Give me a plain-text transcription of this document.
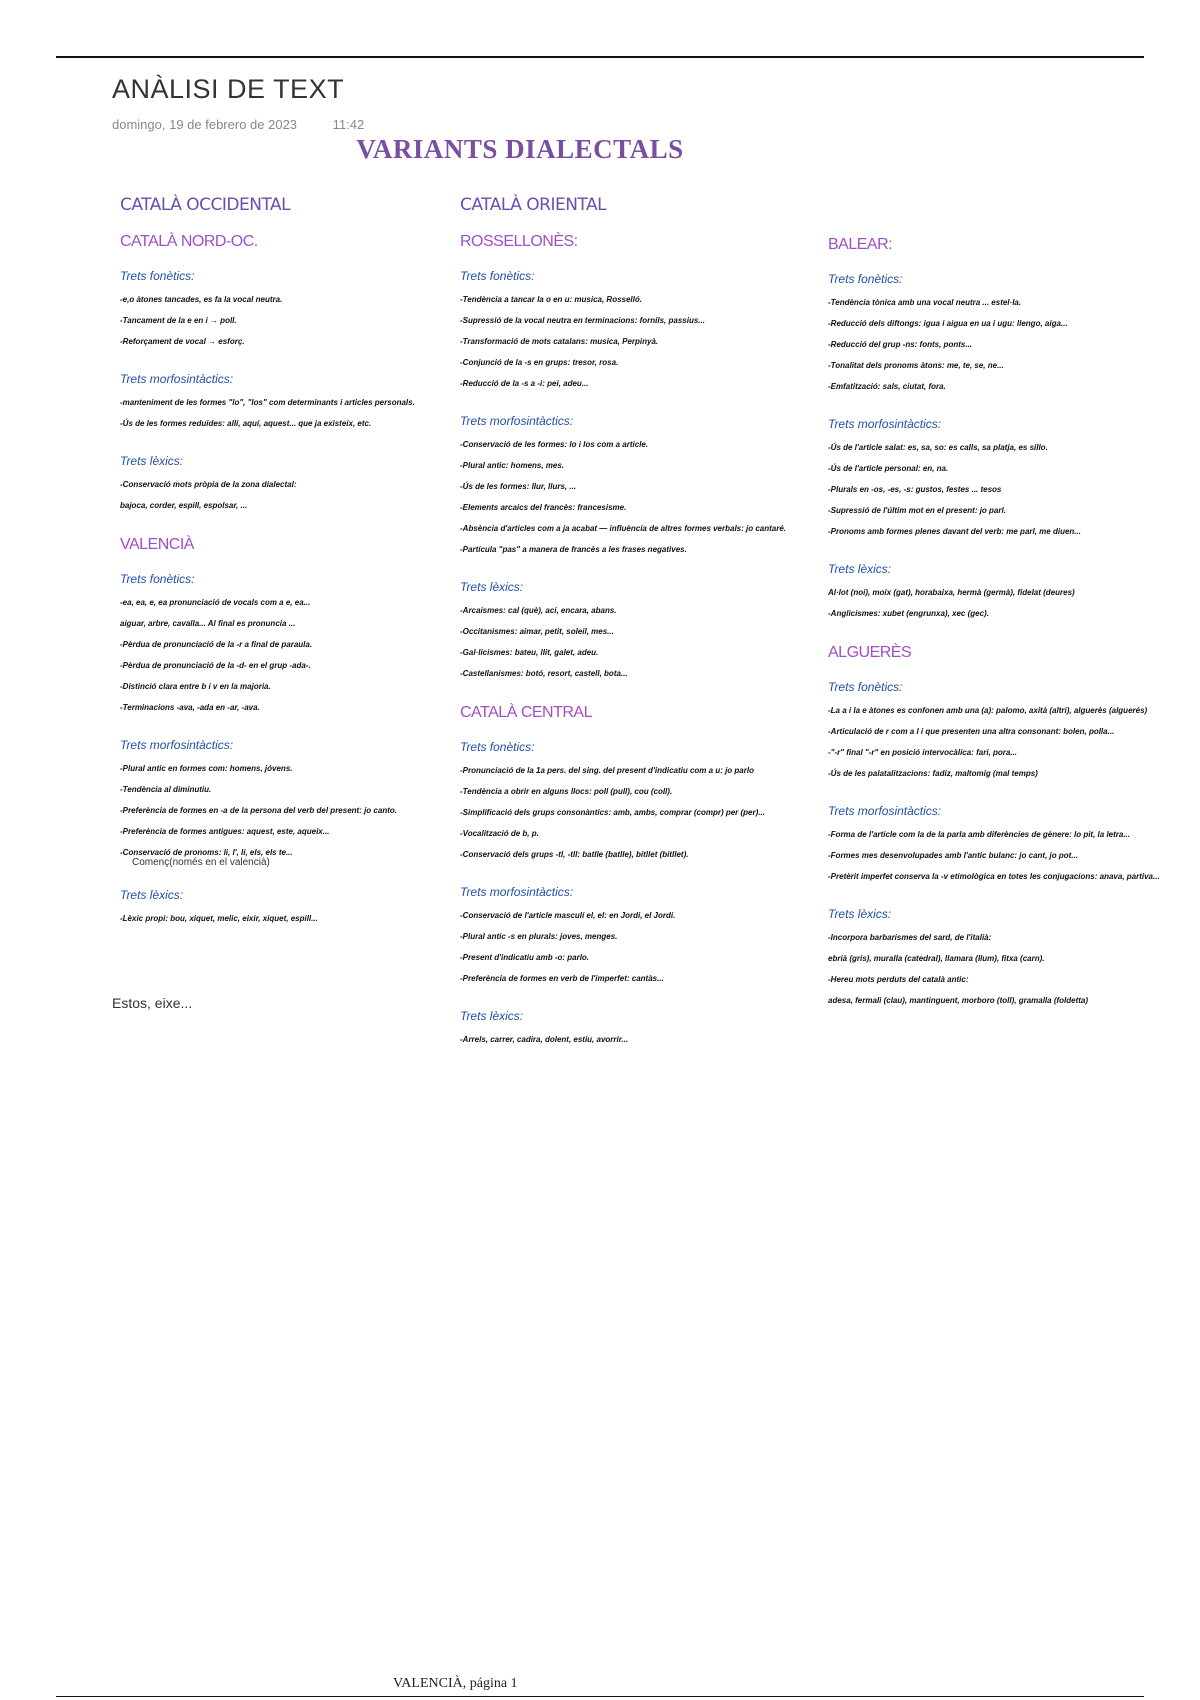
ANÀLISI DE TEXT
domingo, 19 de febrero de 2023	11:42
VARIANTS DIALECTALS
CATALÀ OCCIDENTAL
CATALÀ NORD-OC.
Trets fonètics:
-e,o àtones tancades, es fa la vocal neutra.
-Tancament de la e en i → poll.
-Reforçament de vocal → esforç.
Trets morfosintàctics:
-manteniment de les formes "lo", "los" com determinants i articles personals.
-Ús de les formes reduïdes: allí, aquí, aquest... que ja existeix, etc.
Trets lèxics:
-Conservació mots pròpia de la zona dialectal:
bajoca, corder, espill, espolsar, ...
VALENCIÀ
Trets fonètics:
-ea, ea, e, ea pronunciació de vocals com a e, ea...
aiguar, arbre, cavalla... Al final es pronuncia ...
-Pèrdua de pronunciació de la -r a final de paraula.
-Pèrdua de pronunciació de la -d- en el grup -ada-.
-Distinció clara entre b i v en la majoria.
-Terminacions -ava, -ada en -ar, -ava.
Trets morfosintàctics:
-Plural antic en formes com: homens, jóvens.
-Tendència al diminutiu.
-Preferència de formes en -a de la persona del verb del present: jo canto.
-Preferència de formes antigues: aquest, este, aqueix...
-Conservació de pronoms: li, l', li, els, els te...
Començ(només en el valencià)
Trets lèxics:
-Lèxic propi: bou, xiquet, melic, eixir, xiquet, espill...
CATALÀ ORIENTAL
ROSSELLONÈS:
Trets fonètics:
-Tendència a tancar la o en u: musica, Rosselló.
-Supressió de la vocal neutra en terminacions: fornils, passius...
-Transformació de mots catalans: musica, Perpinyà.
-Conjunció de la -s en grups: tresor, rosa.
-Reducció de la -s a -i: pei, adeu...
Trets morfosintàctics:
-Conservació de les formes: lo i los com a article.
-Plural antic: homens, mes.
-Ús de les formes: llur, llurs, ...
-Elements arcaics del francès: francesisme.
-Absència d'articles com a ja acabat — influència de altres formes verbals: jo cantaré.
-Partícula "pas" a manera de francès a les frases negatives.
Trets lèxics:
-Arcaismes: cal (què), ací, encara, abans.
-Occitanismes: aimar, petit, soleil, mes...
-Gal·licismes: bateu, llit, galet, adeu.
-Castellanismes: botó, resort, castell, bota...
CATALÀ CENTRAL
Trets fonètics:
-Pronunciació de la 1a pers. del sing. del present d'indicatiu com a u: jo parlo
-Tendència a obrir en alguns llocs: poll (pull), cou (coll).
-Simplificació dels grups consonàntics: amb, ambs, comprar (compr) per (per)...
-Vocalització de b, p.
-Conservació dels grups -tl, -tll: batlle (batlle), bitllet (bitllet).
Trets morfosintàctics:
-Conservació de l'article masculí el, el: en Jordi, el Jordi.
-Plural antic -s en plurals: joves, menges.
-Present d'indicatiu amb -o: parlo.
-Preferència de formes en verb de l'imperfet: cantàs...
Trets lèxics:
-Arrels, carrer, cadira, dolent, estiu, avorrir...
BALEAR:
Trets fonètics:
-Tendència tònica amb una vocal neutra ... estel·la.
-Reducció dels diftongs: igua i aigua en ua i ugu: llengo, aiga...
-Reducció del grup -ns: fonts, ponts...
-Tonalitat dels pronoms àtons: me, te, se, ne...
-Emfatització: sals, ciutat, fora.
Trets morfosintàctics:
-Ús de l'article salat: es, sa, so: es calls, sa platja, es sillo.
-Ús de l'article personal: en, na.
-Plurals en -os, -es, -s: gustos, festes ... tesos
-Supressió de l'últim mot en el present: jo parl.
-Pronoms amb formes plenes davant del verb: me parl, me diuen...
Trets lèxics:
Al·lot (noi), moix (gat), horabaixa, hermà (germà), fidelat (deures)
-Anglicismes: xubet (engrunxa), xec (gec).
ALGUERÈS
Trets fonètics:
-La a i la e àtones es confonen amb una (a): palomo, axità (altri), alguerès (alguerés)
-Articulació de r com a l i que presenten una altra consonant: bolen, polla...
-"-r" final "-r" en posició intervocàlica: fari, pora...
-Ús de les palatalitzacions: fadiz, maltomig (mal temps)
Trets morfosintàctics:
-Forma de l'article com la de la parla amb diferències de gènere: lo pit, la letra...
-Formes mes desenvolupades amb l'antic bulanc: jo cant, jo pot...
-Pretèrit imperfet conserva la -v etimològica en totes les conjugacions: anava, partiva...
Trets lèxics:
-Incorpora barbarismes del sard, de l'italià:
ebrià (gris), muralla (catedral), llamara (llum), fitxa (carn).
-Hereu mots perduts del català antic:
adesa, fermalì (clau), mantinguent, morboro (toll), gramalla (foldetta)
Estos, eixe...
VALENCIÀ, página 1
